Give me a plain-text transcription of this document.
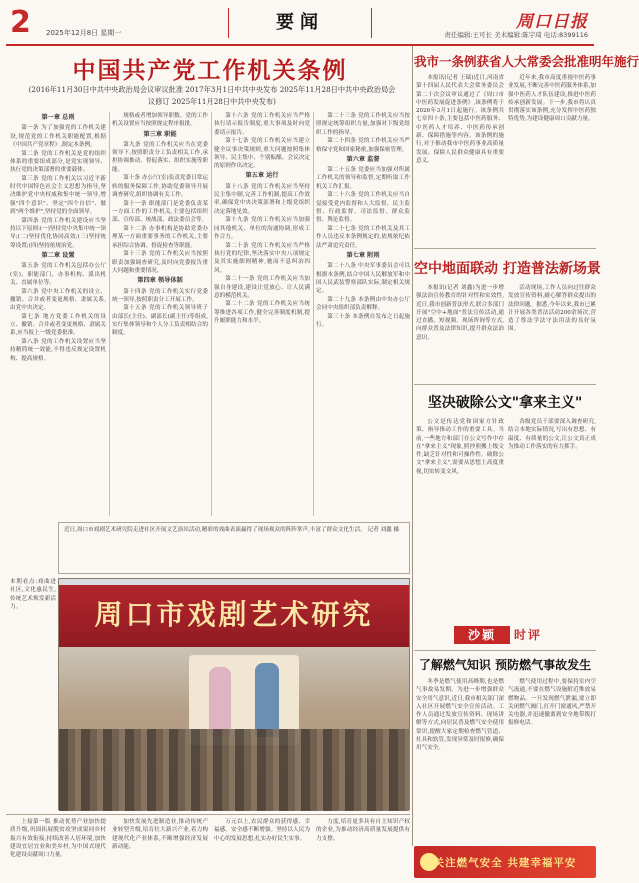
2 2025年12月8日 星期一	要闻	周口日报
责任编辑:王可长 美术编辑:陈宇琦 电话:8399116
中国共产党工作机关条例
(2016年11月30日中共中央政治局会议审议批准 2017年3月1日中共中央发布 2025年11月28日中共中央政治局会议修订 2025年11月28日中共中央发布)
第一章 总则

第一条 为了加强党的工作机关建设,规范党的工作机关职能配置,根据《中国共产党章程》,制定本条例。

第二条 党的工作机关是党的组织体系的重要组成部分,是党实现领导、执行党的决策部署的重要载体。

第三条 党的工作机关以习近平新时代中国特色社会主义思想为指导,坚决维护党中央权威和集中统一领导,增强"四个意识"、坚定"四个自信"、做到"两个维护",坚持党的全面领导。

第四条 党的工作机关建设应当坚持以下原则:(一)坚持党中央集中统一领导;(二)坚持优化协同高效;(三)坚持统筹设置;(四)坚持依规治党。

第二章 设置

第五条 党的工作机关包括办公厅(室)、职能部门、办事机构、派出机关、直属单位等。

第六条 党中央工作机关的设立、撤销、合并或者变更规格、隶属关系,由党中央决定。

第七条 地方党委工作机关的设立、撤销、合并或者变更规格、隶属关系,应当报上一级党委批准。

第八条 党的工作机关设置应当坚持精简统一效能,不得违反规定设置机构、提高规格。

规格或者增加领导职数。党的工作机关设置应当按照规定程序报批。

第三章 职能

第九条 党的工作机关应当在党委领导下,按照职责分工负责相关工作,承担协调推动、督促落实、组织实施等职能。

第十条 办公厅(室)负责党委日常运转的服务保障工作,协助党委领导开展调查研究,组织协调有关工作。

第十一条 职能部门是党委负责某一方面工作的工作机关,主要包括组织部、宣传部、统战部、政法委员会等。

第十二条 办事机构是协助党委办理某一方面重要事务的工作机关,主要承担综合协调、督促检查等职能。

第十三条 党的工作机关应当按照职责加强调查研究,及时向党委报告重大问题和重要情况。

第四章 领导体制

第十四条 党的工作机关实行党委统一领导,按照职责分工开展工作。

第十五条 党的工作机关领导班子由部长(主任)、副部长(副主任)等组成,实行集体领导和个人分工负责相结合的制度。

第十六条 党的工作机关应当严格执行请示报告制度,重大事项及时向党委请示报告。

第十七条 党的工作机关应当建立健全议事决策规则,重大问题按照集体领导、民主集中、个别酝酿、会议决定的原则作出决定。

第五章 运行

第十八条 党的工作机关应当坚持民主集中制,完善工作机制,提高工作效率,确保党中央决策部署和上级党组织决定落地见效。

第十九条 党的工作机关应当加强同其他机关、单位的沟通协调,形成工作合力。

第二十条 党的工作机关应当严格执行党的纪律,坚决落实中央八项规定及其实施细则精神,驰而不息纠治四风。

第二十一条 党的工作机关应当加强自身建设,建设让党放心、让人民满意的模范机关。

第二十二条 党的工作机关应当统筹推进各项工作,健全完善制度机制,提升履职能力和水平。

第二十三条 党的工作机关应当按照规定统筹组织力量,加强对下级党组织工作的指导。

第二十四条 党的工作机关应当严格保守党和国家秘密,加强保密管理。

第六章 监督

第二十五条 党委应当加强对所属工作机关的领导和监督,定期听取工作机关工作汇报。

第二十六条 党的工作机关应当自觉接受党内监督和人大监督、民主监督、行政监督、司法监督、群众监督、舆论监督。

第二十七条 党的工作机关及其工作人员违反本条例规定的,依规依纪依法严肃追究责任。

第七章 附则

第二十八条 中央军事委员会可以根据本条例,结合中国人民解放军和中国人民武装警察部队实际,制定相关规定。

第二十九条 本条例由中央办公厅会同中央组织部负责解释。

第三十条 本条例自发布之日起施行。

我市一条例获省人大常委会批准明年施行

本报讯(记者 王瑞)近日,河南省第十四届人民代表大会常务委员会第二十次会议审议通过了《周口市中医药发展促进条例》,该条例将于2026年3月1日起施行。该条例共七章四十条,主要包括中医药服务、中医药人才培养、中医药传承创新、保障措施等内容。该条例的施行,对于推动我市中医药事业高质量发展、保障人民群众健康具有重要意义。

近年来,我市高度重视中医药事业发展,不断完善中医药服务体系,加强中医药人才队伍建设,推进中医药传承创新发展。下一步,我市将认真贯彻落实该条例,充分发挥中医药独特优势,为建设健康周口贡献力量。

空中地面联动 打造普法新场景

本报讯(记者 刘鑫)为进一步增强法治宣传教育的针对性和实效性,近日,我市创新普法形式,联合多部门开展"空中+地面"普法宣传活动,通过直播、短视频、现场咨询等方式,向群众普及法律知识,提升群众法治意识。

活动现场,工作人员向过往群众发放宣传资料,耐心解答群众提出的法律问题。据悉,今年以来,我市已累计开展各类普法活动200余场次,营造了尊法学法守法用法的良好氛围。

坚决破除公文"拿来主义"

公文是传达党和国家方针政策、指导推动工作的重要工具。当前,一些地方和部门在公文写作中存在"拿来主义"现象,照抄照搬上级文件,缺乏针对性和可操作性。破除公文"拿来主义",需要从思想上高度重视,切实转变文风。

各级党员干部要深入调查研究,结合本地实际情况,写出有思想、有温度、有质量的公文,让公文真正成为推动工作落实的有力抓手。

沙颖	时评
了解燃气知识 预防燃气事故发生

冬季是燃气使用高峰期,也是燃气事故易发期。为进一步增强群众安全用气意识,近日,我市相关部门深入社区开展燃气安全宣传活动。工作人员通过发放宣传资料、现场讲解等方式,向居民普及燃气安全使用常识,提醒大家定期检查燃气管道、灶具和软管,发现异常及时报修,确保用气安全。

燃气使用过程中,要保持室内空气流通,不要在燃气设施附近堆放易燃物品。一旦发现燃气泄漏,要立即关闭燃气阀门,打开门窗通风,严禁开关电器,并迅速撤离到安全地带拨打报修电话。

近日,周口市戏剧艺术研究院走进社区开展文艺演出活动,精彩的戏曲表演赢得了现场观众的阵阵掌声,丰富了群众文化生活。 记者 刘鑫 摄
本期看点:戏曲进社区,文化惠民生,传统艺术焕发新活力。	周口市戏剧艺术研究

上接第一版 推动优势产业加快提质升级,巩固拓展脱贫攻坚成果同乡村振兴有效衔接,持续改善人居环境,加快建设宜居宜业和美乡村,为中国式现代化建设贡献周口力量。

加快发展先进制造业,推动传统产业转型升级,培育壮大新兴产业,着力构建现代化产业体系,不断增强经济发展新动能。

万元以上,农民群众的获得感、幸福感、安全感不断增强。坚持以人民为中心的发展思想,扎实办好民生实事。

力度,培育更多具有自主知识产权的企业,为推动经济高质量发展提供有力支撑。

关注燃气安全 共建幸福平安
